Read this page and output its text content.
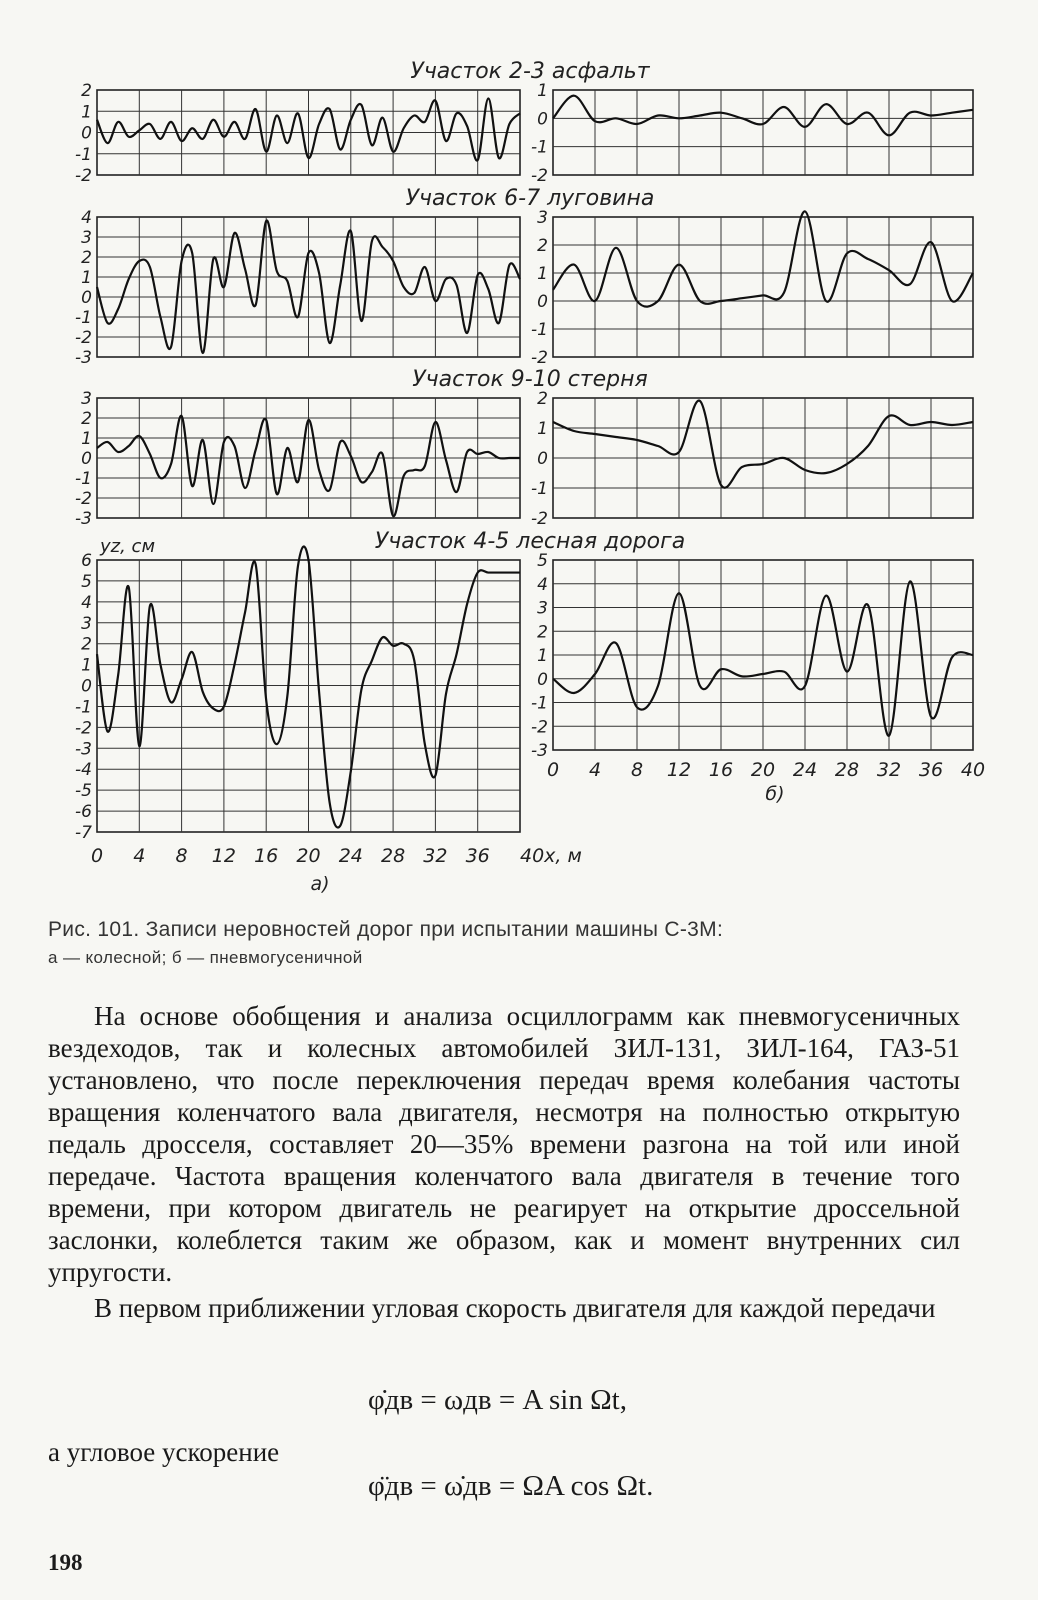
Участок 2-3 асфальт
2
1
0
-1
-2
1
0
-1
-2
Участок 6-7 луговина
4
3
2
1
0
-1
-2
-3
3
2
1
0
-1
-2
Участок 9-10 стерня
3
2
1
0
-1
-2
-3
2
1
0
-1
-2
Участок 4-5 лесная дорога
6
5
4
3
2
1
0
-1
-2
-3
-4
-5
-6
-7
5
4
3
2
1
0
-1
-2
-3
yz, см
0 4 8 12 16 20 24 28 32 36 40x, м
а)
0 4 8 12 16 20 24 28 32 36 40
б)
Рис. 101. Записи неровностей дорог при испытании машины С-3М:
а — колесной; б — пневмогусеничной

На основе обобщения и анализа осциллограмм как пневмогусеничных вездеходов, так и колесных автомобилей ЗИЛ-131, ЗИЛ-164, ГАЗ-51 установлено, что после переключения передач время колебания частоты вращения коленчатого вала двигателя, несмотря на полностью открытую педаль дросселя, составляет 20—35% времени разгона на той или иной передаче. Частота вращения коленчатого вала двигателя в течение того времени, при котором двигатель не реагирует на открытие дроссельной заслонки, колеблется таким же образом, как и момент внутренних сил упругости.

В первом приближении угловая скорость двигателя для каждой передачи

φ̇дв = ωдв = A sin Ωt,

а угловое ускорение

φ̈дв = ω̇дв = ΩA cos Ωt.
198
